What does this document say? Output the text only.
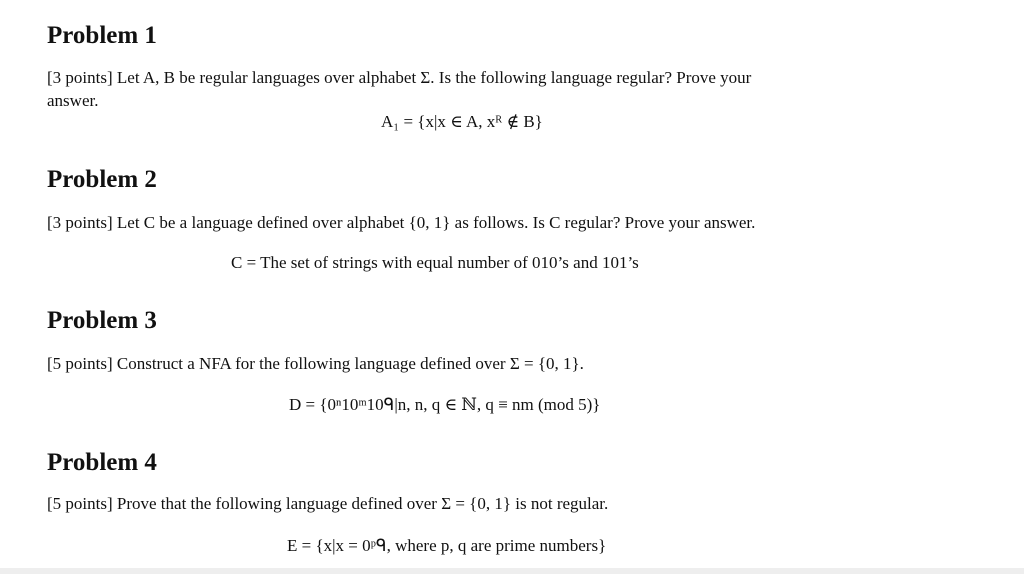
Problem 1
[3 points] Let A, B be regular languages over alphabet Σ. Is the following language regular? Prove your
answer.
A₁ = {x|x ∈ A, xᴿ ∉ B}
Problem 2
[3 points] Let C be a language defined over alphabet {0, 1} as follows. Is C regular? Prove your answer.
C = The set of strings with equal number of 010’s and 101’s
Problem 3
[5 points] Construct a NFA for the following language defined over Σ = {0, 1}.
D = {0ⁿ10ᵐ10ᑫ|n, n, q ∈ ℕ, q ≡ nm (mod 5)}
Problem 4
[5 points] Prove that the following language defined over Σ = {0, 1} is not regular.
E = {x|x = 0ᵖᑫ, where p, q are prime numbers}
